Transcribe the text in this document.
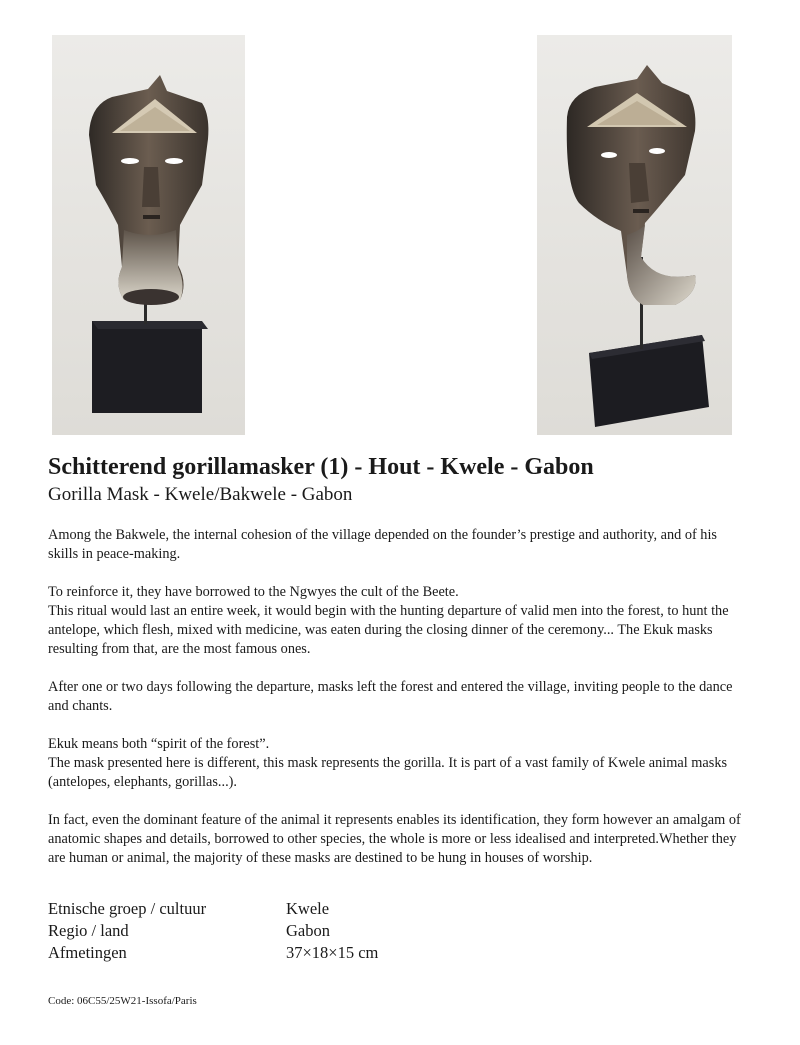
Schitterend gorillamasker (1) - Hout - Kwele - Gabon
Gorilla Mask - Kwele/Bakwele - Gabon

Among the Bakwele, the internal cohesion of the village depended on the founder’s prestige and authority, and of his skills in peace-making.

To reinforce it, they have borrowed to the Ngwyes the cult of the Beete.

This ritual would last an entire week, it would begin with the hunting departure of valid men into the forest, to hunt the antelope, which flesh, mixed with medicine, was eaten during the closing dinner of the ceremony... The Ekuk masks resulting from that, are the most famous ones.

After one or two days following the departure, masks left the forest and entered the village, inviting people to the dance and chants.

Ekuk means both “spirit of the forest”.

The mask presented here is different, this mask represents the gorilla. It is part of a vast family of Kwele animal masks (antelopes, elephants, gorillas...).

In fact, even the dominant feature of the animal it represents enables its identification, they form however an amalgam of anatomic shapes and details, borrowed to other species, the whole is more or less idealised and interpreted.Whether they are human or animal, the majority of these masks are destined to be hung in houses of worship.

Etnische groep / cultuur	Kwele
Regio / land	Gabon
Afmetingen	37×18×15 cm
Code: 06C55/25W21-Issofa/Paris
